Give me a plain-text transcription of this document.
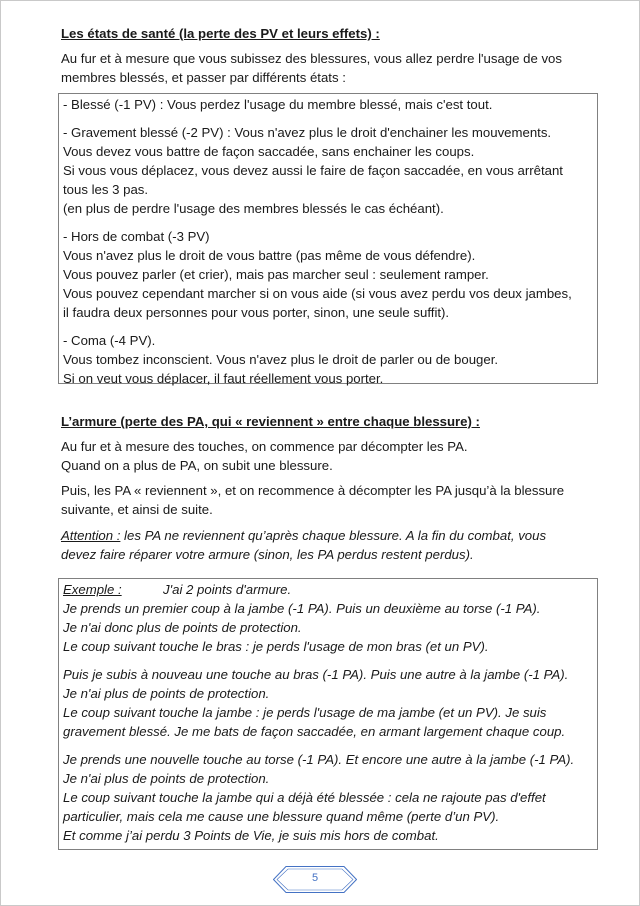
Les états de santé (la perte des PV et leurs effets) :
Au fur et à mesure que vous subissez des blessures, vous allez perdre l'usage de vos
membres blessés, et passer par différents états :
- Blessé (-1 PV) : Vous perdez l'usage du membre blessé, mais c'est tout.
- Gravement blessé (-2 PV) : Vous n'avez plus le droit d'enchainer les mouvements.
Vous devez vous battre de façon saccadée, sans enchainer les coups.
Si vous vous déplacez, vous devez aussi le faire de façon saccadée, en vous arrêtant
tous les 3 pas.
(en plus de perdre l'usage des membres blessés le cas échéant).
- Hors de combat (-3 PV)
Vous n'avez plus le droit de vous battre (pas même de vous défendre).
Vous pouvez parler (et crier), mais pas marcher seul : seulement ramper.
Vous pouvez cependant marcher si on vous aide (si vous avez perdu vos deux jambes,
il faudra deux personnes pour vous porter, sinon, une seule suffit).
- Coma (-4 PV).
Vous tombez inconscient. Vous n'avez plus le droit de parler ou de bouger.
Si on veut vous déplacer, il faut réellement vous porter.
L’armure (perte des PA, qui « reviennent » entre chaque blessure) :
Au fur et à mesure des touches, on commence par décompter les PA.
Quand on a plus de PA, on subit une blessure.
Puis, les PA « reviennent », et on recommence à décompter les PA jusqu’à la blessure
suivante, et ainsi de suite.
Attention : les PA ne reviennent qu’après chaque blessure. A la fin du combat, vous
devez faire réparer votre armure (sinon, les PA perdus restent perdus).
Exemple :	J'ai 2 points d'armure.
Je prends un premier coup à la jambe (-1 PA). Puis un deuxième au torse (-1 PA).
Je n'ai donc plus de points de protection.
Le coup suivant touche le bras : je perds l'usage de mon bras (et un PV).
Puis je subis à nouveau une touche au bras (-1 PA). Puis une autre à la jambe (-1 PA).
Je n'ai plus de points de protection.
Le coup suivant touche la jambe : je perds l'usage de ma jambe (et un PV). Je suis
gravement blessé. Je me bats de façon saccadée, en armant largement chaque coup.
Je prends une nouvelle touche au torse (-1 PA). Et encore une autre à la jambe (-1 PA).
Je n'ai plus de points de protection.
Le coup suivant touche la jambe qui a déjà été blessée : cela ne rajoute pas d'effet
particulier, mais cela me cause une blessure quand même (perte d’un PV).
Et comme j’ai perdu 3 Points de Vie, je suis mis hors de combat.
5
